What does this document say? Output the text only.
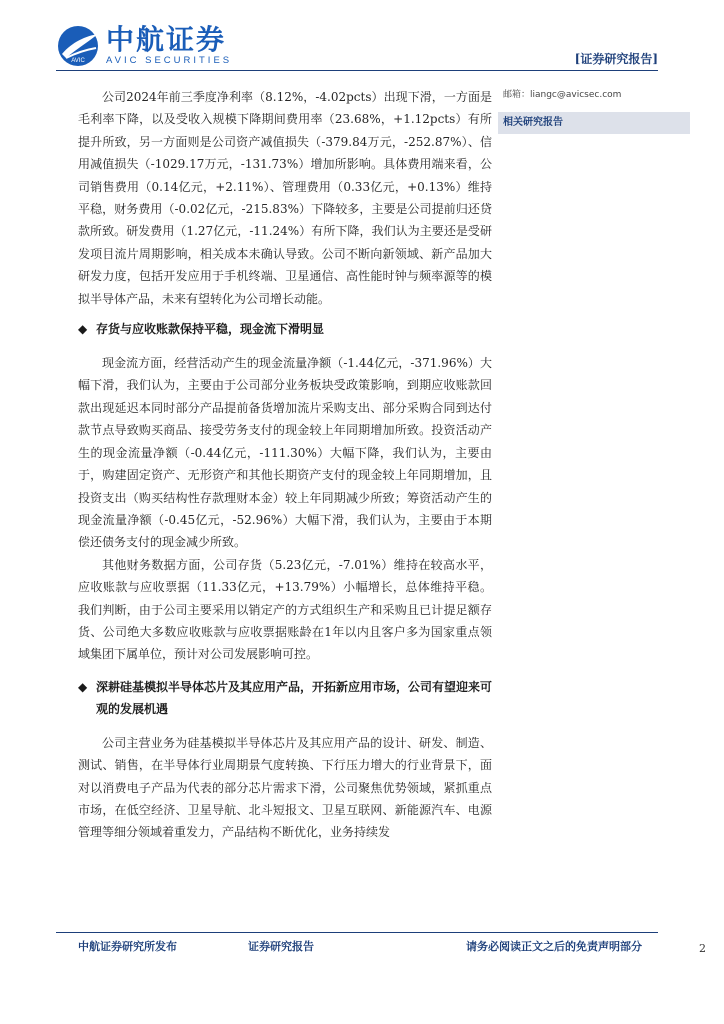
AVIC
中航证券
AVIC SECURITIES	[证券研究报告]

公司2024年前三季度净利率（8.12%，-4.02pcts）出现下滑，一方面是毛利率下降，以及受收入规模下降期间费用率（23.68%，+1.12pcts）有所提升所致，另一方面则是公司资产减值损失（-379.84万元，-252.87%）、信用减值损失（-1029.17万元，-131.73%）增加所影响。具体费用端来看，公司销售费用（0.14亿元，+2.11%）、管理费用（0.33亿元，+0.13%）维持平稳，财务费用（-0.02亿元，-215.83%）下降较多，主要是公司提前归还贷款所致。研发费用（1.27亿元，-11.24%）有所下降，我们认为主要还是受研发项目流片周期影响，相关成本未确认导致。公司不断向新领域、新产品加大研发力度，包括开发应用于手机终端、卫星通信、高性能时钟与频率源等的模拟半导体产品，未来有望转化为公司增长动能。

◆ 存货与应收账款保持平稳，现金流下滑明显

现金流方面，经营活动产生的现金流量净额（-1.44亿元，-371.96%）大幅下滑，我们认为，主要由于公司部分业务板块受政策影响，到期应收账款回款出现延迟本同时部分产品提前备货增加流片采购支出、部分采购合同到达付款节点导致购买商品、接受劳务支付的现金较上年同期增加所致。投资活动产生的现金流量净额（-0.44亿元，-111.30%）大幅下降，我们认为，主要由于，购建固定资产、无形资产和其他长期资产支付的现金较上年同期增加，且投资支出（购买结构性存款理财本金）较上年同期减少所致；筹资活动产生的现金流量净额（-0.45亿元，-52.96%）大幅下滑，我们认为，主要由于本期偿还债务支付的现金减少所致。

其他财务数据方面，公司存货（5.23亿元，-7.01%）维持在较高水平，应收账款与应收票据（11.33亿元，+13.79%）小幅增长，总体维持平稳。我们判断，由于公司主要采用以销定产的方式组织生产和采购且已计提足额存货、公司绝大多数应收账款与应收票据账龄在1年以内且客户多为国家重点领域集团下属单位，预计对公司发展影响可控。

◆ 深耕硅基模拟半导体芯片及其应用产品，开拓新应用市场，公司有望迎来可观的发展机遇

公司主营业务为硅基模拟半导体芯片及其应用产品的设计、研发、制造、测试、销售，在半导体行业周期景气度转换、下行压力增大的行业背景下，面对以消费电子产品为代表的部分芯片需求下滑，公司聚焦优势领域，紧抓重点市场，在低空经济、卫星导航、北斗短报文、卫星互联网、新能源汽车、电源管理等细分领域着重发力，产品结构不断优化，业务持续发

邮箱：liangc@avicsec.com
相关研究报告
中航证券研究所发布	证券研究报告	请务必阅读正文之后的免责声明部分	2
